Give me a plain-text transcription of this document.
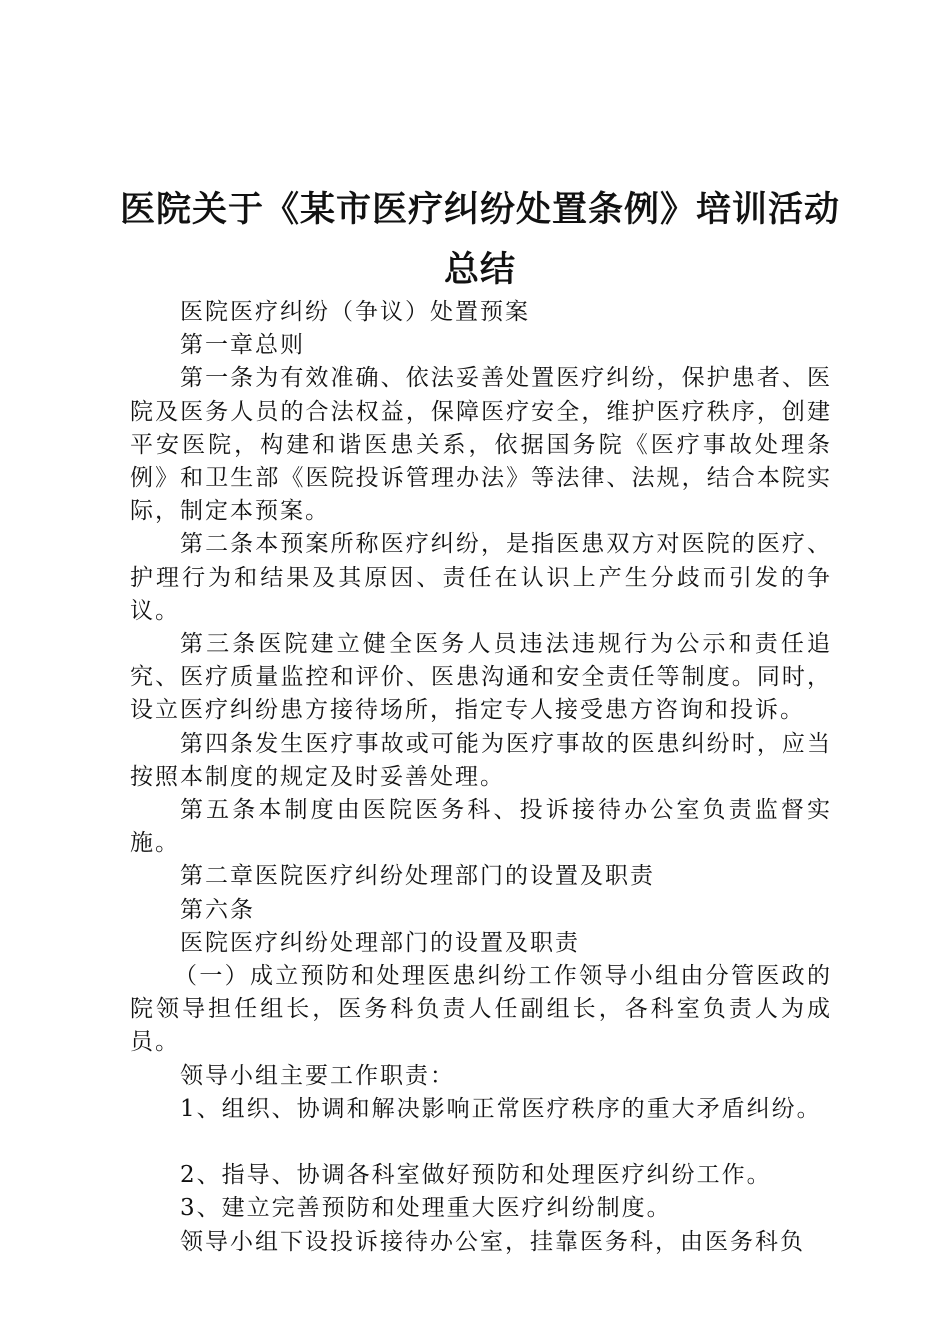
医院关于《某市医疗纠纷处置条例》培训活动
总结

医院医疗纠纷（争议）处置预案

第一章总则

第一条为有效准确、依法妥善处置医疗纠纷，保护患者、医院及医务人员的合法权益，保障医疗安全，维护医疗秩序，创建平安医院，构建和谐医患关系，依据国务院《医疗事故处理条例》和卫生部《医院投诉管理办法》等法律、法规，结合本院实际，制定本预案。

第二条本预案所称医疗纠纷，是指医患双方对医院的医疗、护理行为和结果及其原因、责任在认识上产生分歧而引发的争议。

第三条医院建立健全医务人员违法违规行为公示和责任追究、医疗质量监控和评价、医患沟通和安全责任等制度。同时，设立医疗纠纷患方接待场所，指定专人接受患方咨询和投诉。

第四条发生医疗事故或可能为医疗事故的医患纠纷时，应当按照本制度的规定及时妥善处理。

第五条本制度由医院医务科、投诉接待办公室负责监督实施。

第二章医院医疗纠纷处理部门的设置及职责

第六条

医院医疗纠纷处理部门的设置及职责

（一）成立预防和处理医患纠纷工作领导小组由分管医政的院领导担任组长，医务科负责人任副组长，各科室负责人为成员。

领导小组主要工作职责：

1、组织、协调和解决影响正常医疗秩序的重大矛盾纠纷。

2、指导、协调各科室做好预防和处理医疗纠纷工作。

3、建立完善预防和处理重大医疗纠纷制度。

领导小组下设投诉接待办公室，挂靠医务科，由医务科负
